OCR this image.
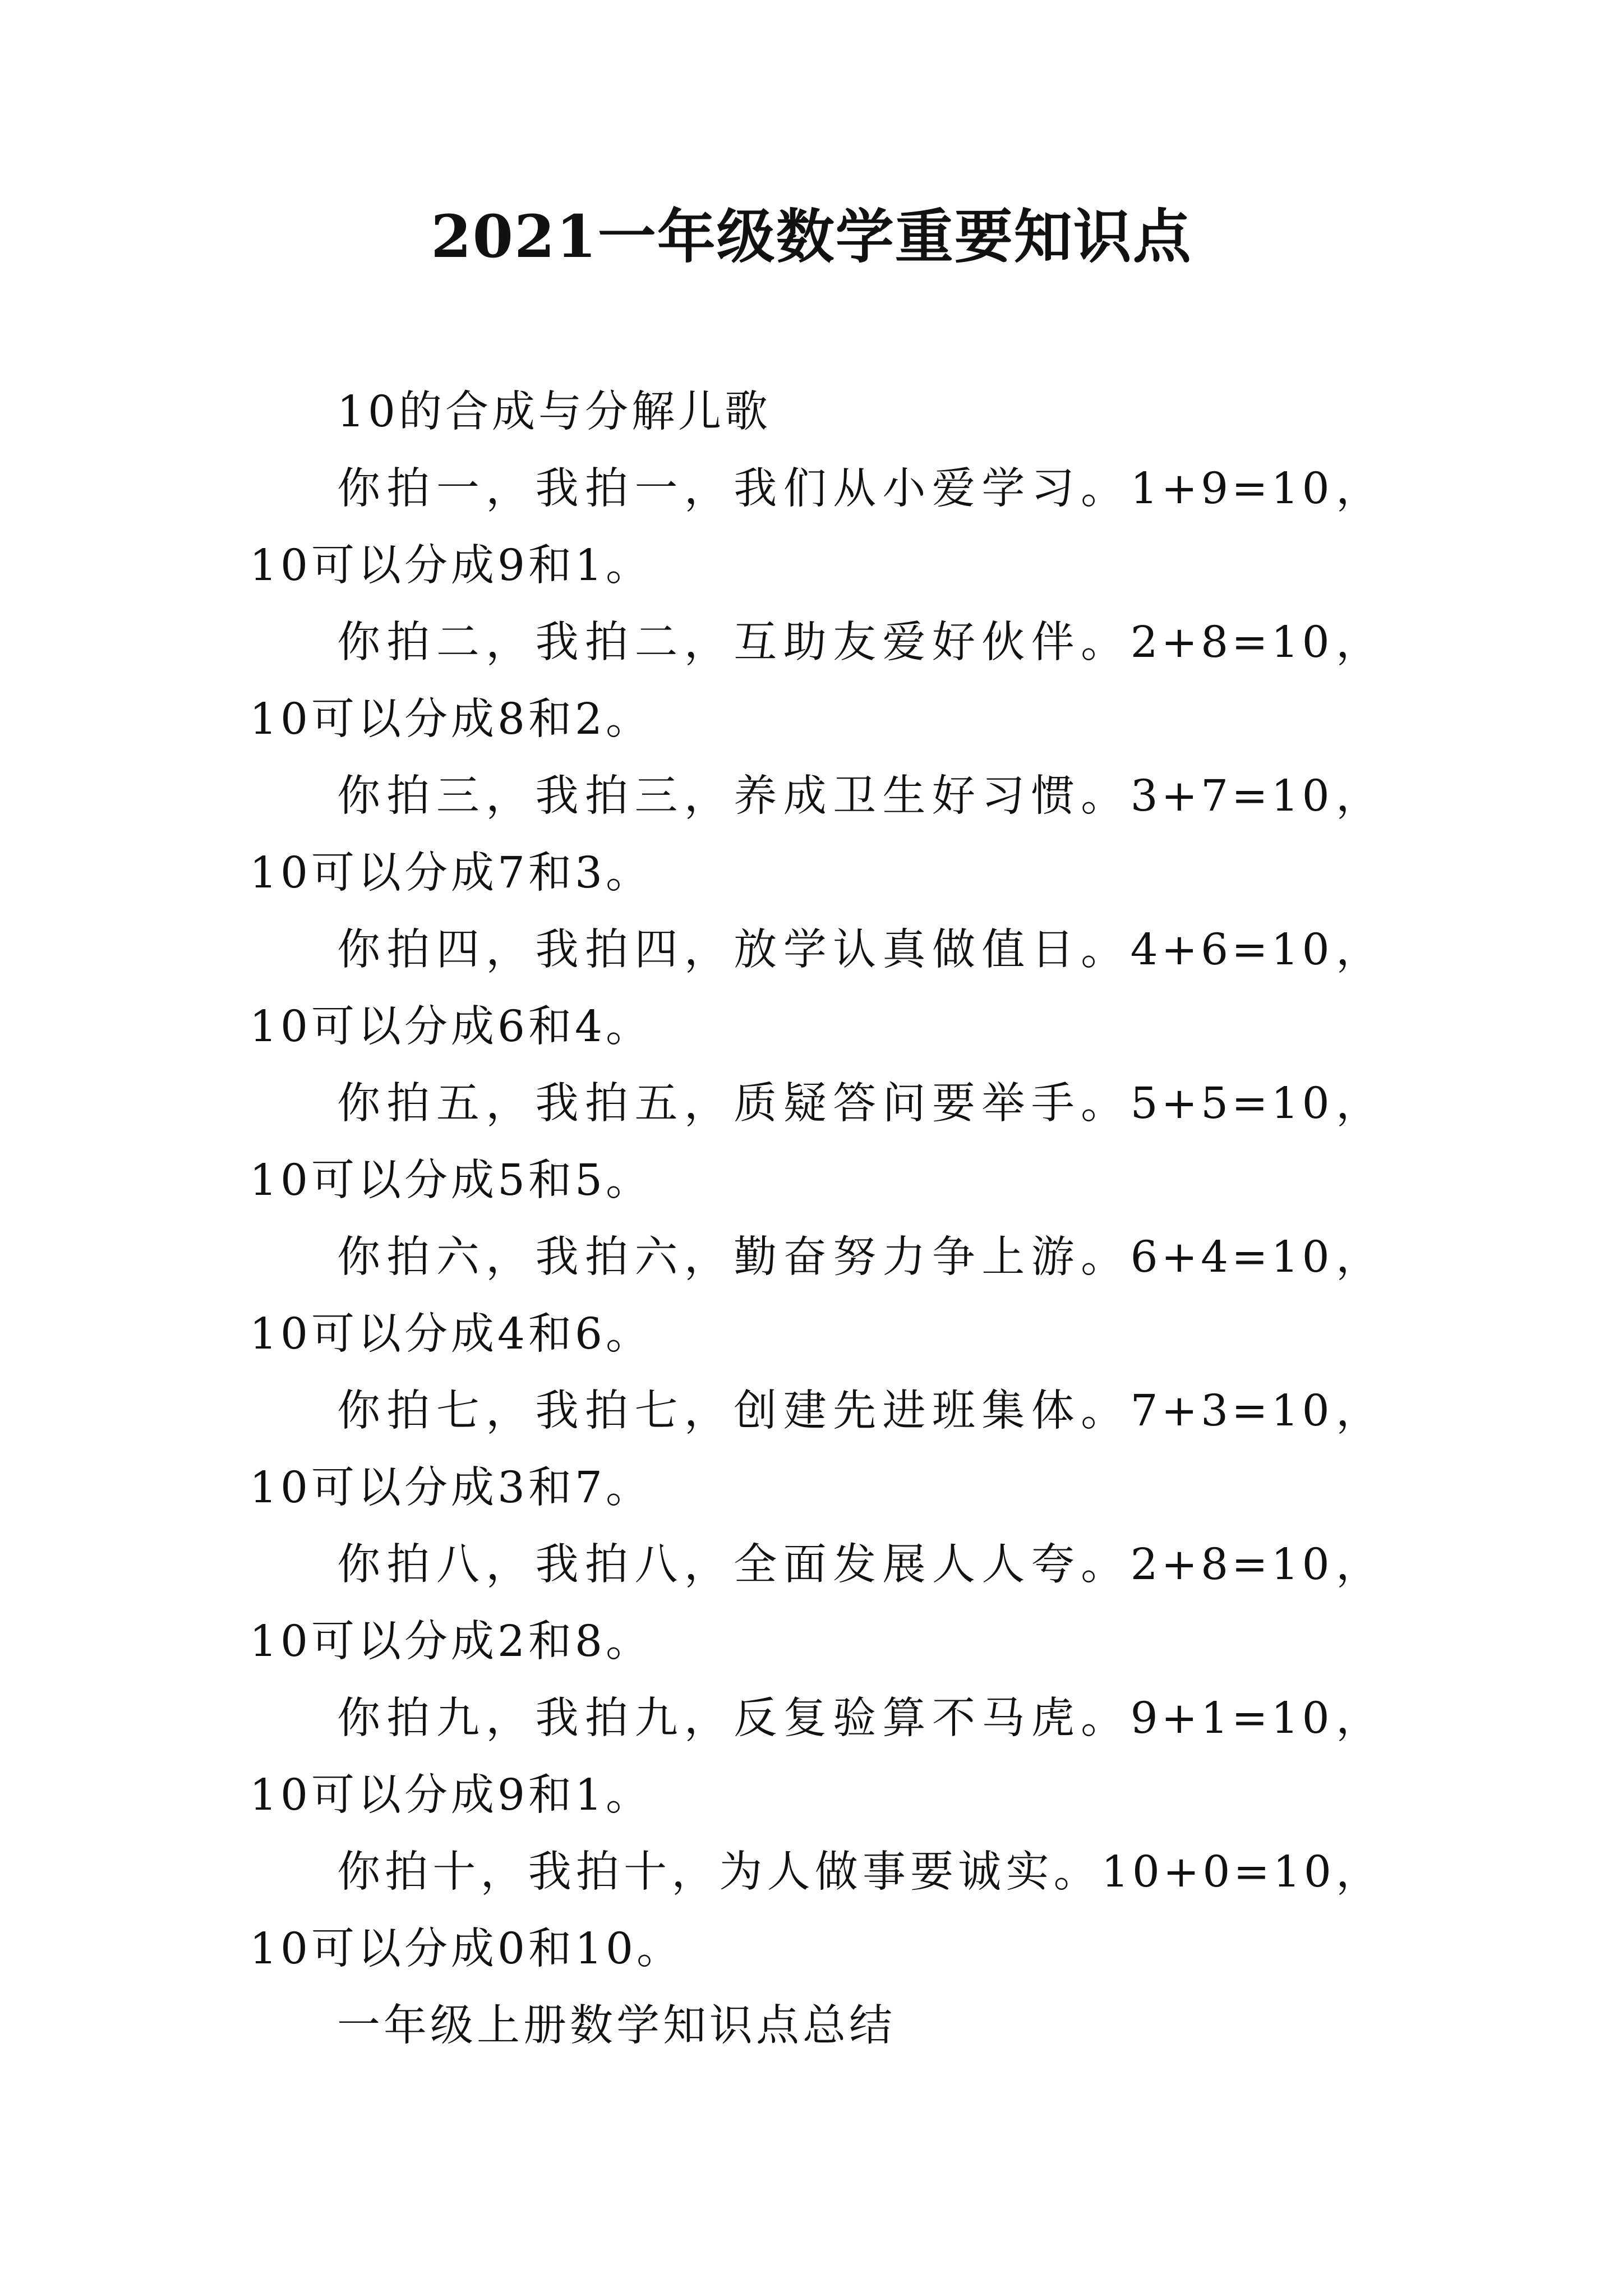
2021一年级数学重要知识点

10的合成与分解儿歌

你拍一，我拍一，我们从小爱学习。1+9=10，10可以分成9和1。

你拍二，我拍二，互助友爱好伙伴。2+8=10，10可以分成8和2。

你拍三，我拍三，养成卫生好习惯。3+7=10，10可以分成7和3。

你拍四，我拍四，放学认真做值日。4+6=10，10可以分成6和4。

你拍五，我拍五，质疑答问要举手。5+5=10，10可以分成5和5。

你拍六，我拍六，勤奋努力争上游。6+4=10，10可以分成4和6。

你拍七，我拍七，创建先进班集体。7+3=10，10可以分成3和7。

你拍八，我拍八，全面发展人人夸。2+8=10，10可以分成2和8。

你拍九，我拍九，反复验算不马虎。9+1=10，10可以分成9和1。

你拍十，我拍十，为人做事要诚实。10+0=10，10可以分成0和10。

一年级上册数学知识点总结
